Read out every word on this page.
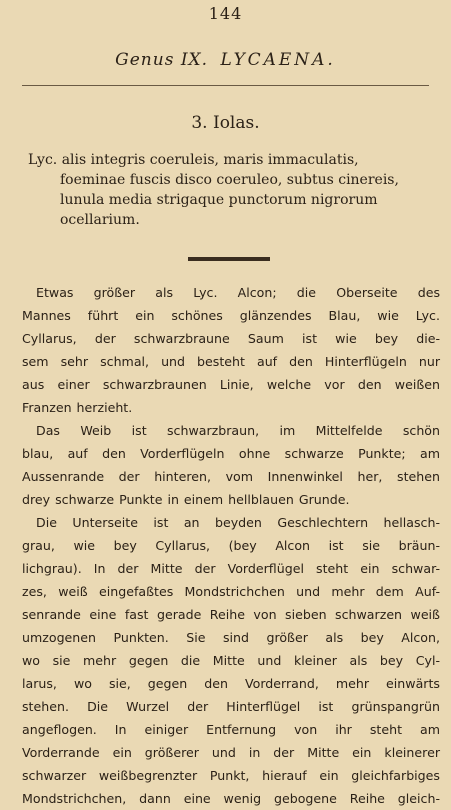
144
Genus IX. LYCAENA.
3. Iolas.
Lyc. alis integris coeruleis, maris immaculatis,
foeminae fuscis disco coeruleo, subtus cinereis,
lunula media strigaque punctorum nigrorum
ocellarium.
Etwas größer als Lyc. Alcon; die Oberseite des
Mannes führt ein schönes glänzendes Blau, wie Lyc.
Cyllarus, der schwarzbraune Saum ist wie bey die-
sem sehr schmal, und besteht auf den Hinterflügeln nur
aus einer schwarzbraunen Linie, welche vor den weißen
Franzen herzieht.
Das Weib ist schwarzbraun, im Mittelfelde schön
blau, auf den Vorderflügeln ohne schwarze Punkte; am
Aussenrande der hinteren, vom Innenwinkel her, stehen
drey schwarze Punkte in einem hellblauen Grunde.
Die Unterseite ist an beyden Geschlechtern hellasch-
grau, wie bey Cyllarus, (bey Alcon ist sie bräun-
lichgrau). In der Mitte der Vorderflügel steht ein schwar-
zes, weiß eingefaßtes Mondstrichchen und mehr dem Auf-
senrande eine fast gerade Reihe von sieben schwarzen weiß
umzogenen Punkten. Sie sind größer als bey Alcon,
wo sie mehr gegen die Mitte und kleiner als bey Cyl-
larus, wo sie, gegen den Vorderrand, mehr einwärts
stehen. Die Wurzel der Hinterflügel ist grünspangrün
angeflogen. In einiger Entfernung von ihr steht am
Vorderrande ein größerer und in der Mitte ein kleinerer
schwarzer weißbegrenzter Punkt, hierauf ein gleichfarbiges
Mondstrichchen, dann eine wenig gebogene Reihe gleich-
